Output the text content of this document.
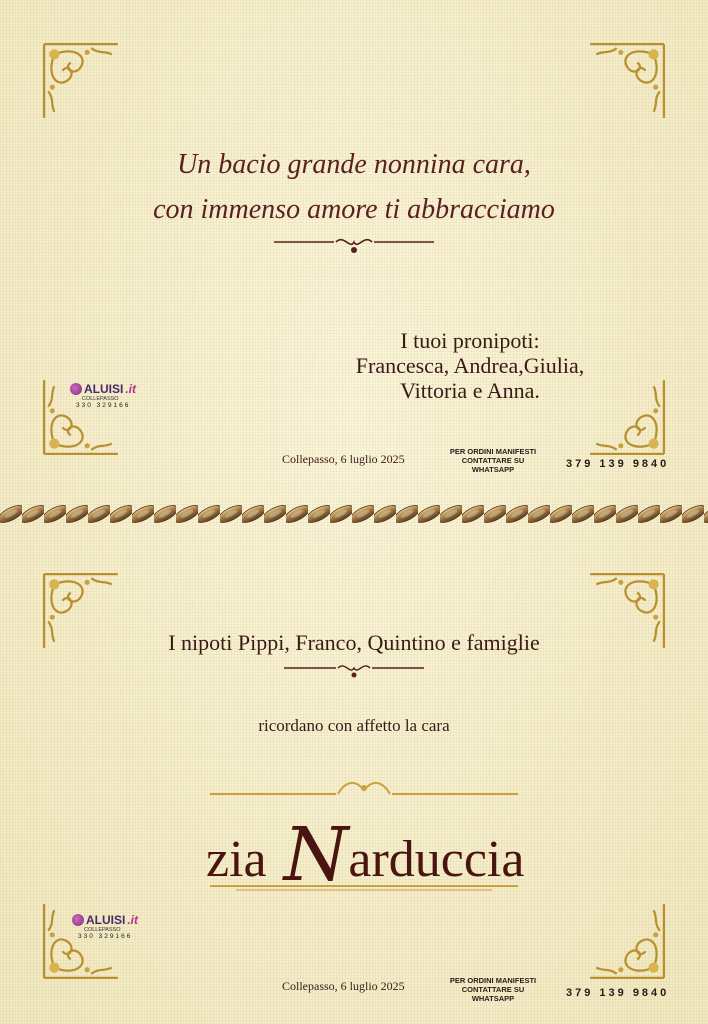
Un bacio grande nonnina cara,
con immenso amore ti abbracciamo
I tuoi pronipoti:
Francesca, Andrea,Giulia,
Vittoria e Anna.
ALUISI .it
COLLEPASSO
330 329166
Collepasso, 6 luglio 2025
PER ORDINI MANIFESTI
CONTATTARE SU WHATSAPP	379 139 9840
I nipoti Pippi, Franco, Quintino e famiglie
ricordano con affetto la cara
zia Narduccia
ALUISI .it
COLLEPASSO
330 329166
Collepasso, 6 luglio 2025	PER ORDINI MANIFESTI
CONTATTARE SU WHATSAPP	379 139 9840
